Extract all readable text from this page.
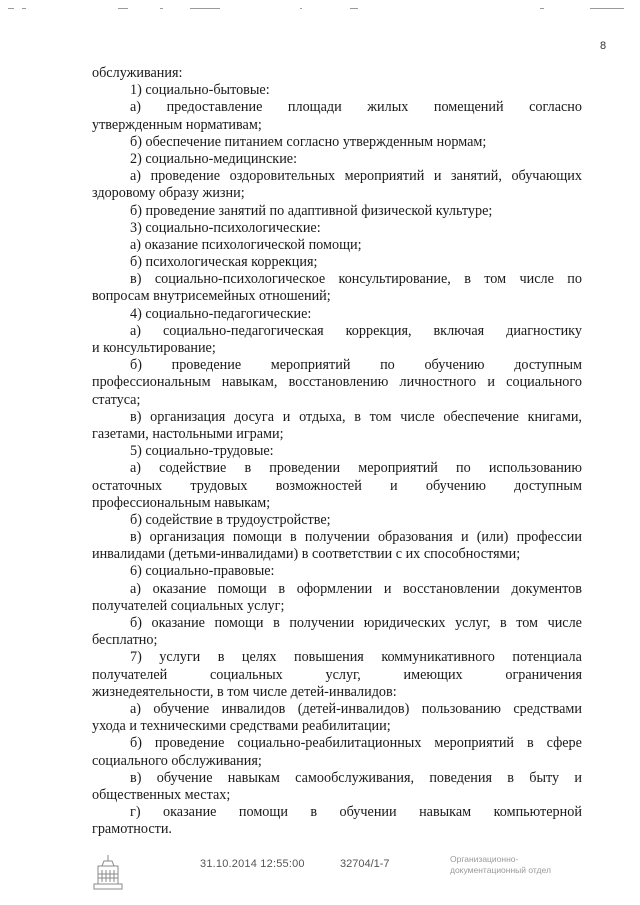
8
обслуживания:
1) социально-бытовые:
а) предоставление площади жилых помещений согласно
утвержденным нормативам;
б) обеспечение питанием согласно утвержденным нормам;
2) социально-медицинские:
а) проведение оздоровительных мероприятий и занятий, обучающих
здоровому образу жизни;
б) проведение занятий по адаптивной физической культуре;
3) социально-психологические:
а) оказание психологической помощи;
б) психологическая коррекция;
в) социально-психологическое консультирование, в том числе по
вопросам внутрисемейных отношений;
4) социально-педагогические:
а) социально-педагогическая коррекция, включая диагностику
и консультирование;
б) проведение мероприятий по обучению доступным
профессиональным навыкам, восстановлению личностного и социального
статуса;
в) организация досуга и отдыха, в том числе обеспечение книгами,
газетами, настольными играми;
5) социально-трудовые:
а) содействие в проведении мероприятий по использованию
остаточных трудовых возможностей и обучению доступным
профессиональным навыкам;
б) содействие в трудоустройстве;
в) организация помощи в получении образования и (или) профессии
инвалидами (детьми-инвалидами) в соответствии с их способностями;
6) социально-правовые:
а) оказание помощи в оформлении и восстановлении документов
получателей социальных услуг;
б) оказание помощи в получении юридических услуг, в том числе
бесплатно;
7) услуги в целях повышения коммуникативного потенциала
получателей	социальных	услуг,	имеющих	ограничения
жизнедеятельности, в том числе детей-инвалидов:
а) обучение инвалидов (детей-инвалидов) пользованию средствами
ухода и техническими средствами реабилитации;
б) проведение социально-реабилитационных мероприятий в сфере
социального обслуживания;
в) обучение навыкам самообслуживания, поведения в быту и
общественных местах;
г) оказание помощи в обучении навыкам компьютерной
грамотности.
31.10.2014 12:55:00	32704/1-7	Организационно-
документационный отдел
